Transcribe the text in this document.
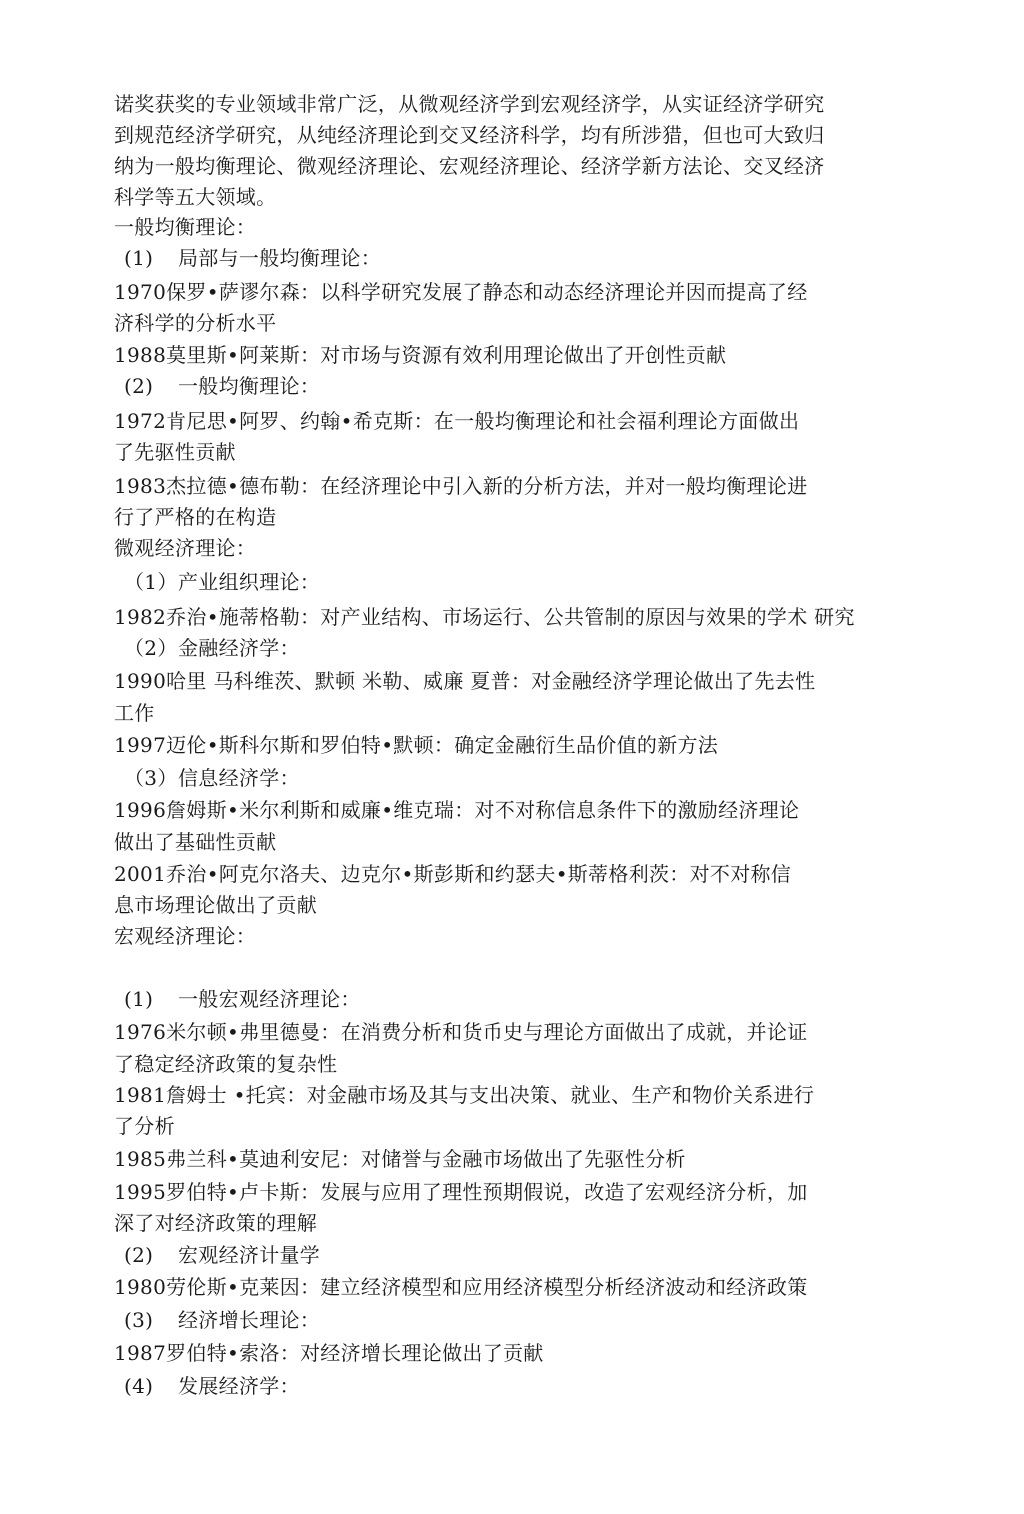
诺奖获奖的专业领域非常广泛，从微观经济学到宏观经济学，从实证经济学研究
到规范经济学研究，从纯经济理论到交叉经济科学，均有所涉猎，但也可大致归
纳为一般均衡理论、微观经济理论、宏观经济理论、经济学新方法论、交叉经济
科学等五大领域。
一般均衡理论：
(1) 局部与一般均衡理论：
1970保罗•萨谬尔森：以科学研究发展了静态和动态经济理论并因而提高了经
济科学的分析水平
1988莫里斯•阿莱斯：对市场与资源有效利用理论做出了开创性贡献
(2) 一般均衡理论：
1972肯尼思•阿罗、约翰•希克斯：在一般均衡理论和社会福利理论方面做出
了先驱性贡献
1983杰拉德•德布勒：在经济理论中引入新的分析方法，并对一般均衡理论进
行了严格的在构造
微观经济理论：
（1）产业组织理论：
1982乔治•施蒂格勒：对产业结构、市场运行、公共管制的原因与效果的学术 研究
（2）金融经济学：
1990哈里 马科维茨、默顿 米勒、威廉 夏普：对金融经济学理论做出了先去性
工作
1997迈伦•斯科尔斯和罗伯特•默顿：确定金融衍生品价值的新方法
（3）信息经济学：
1996詹姆斯•米尔利斯和威廉•维克瑞：对不对称信息条件下的激励经济理论
做出了基础性贡献
2001乔治•阿克尔洛夫、边克尔•斯彭斯和约瑟夫•斯蒂格利茨：对不对称信
息市场理论做出了贡献
宏观经济理论：
(1) 一般宏观经济理论：
1976米尔顿•弗里德曼：在消费分析和货币史与理论方面做出了成就，并论证
了稳定经济政策的复杂性
1981詹姆士 •托宾：对金融市场及其与支出决策、就业、生产和物价关系进行
了分析
1985弗兰科•莫迪利安尼：对储誉与金融市场做出了先驱性分析
1995罗伯特•卢卡斯：发展与应用了理性预期假说，改造了宏观经济分析，加
深了对经济政策的理解
(2) 宏观经济计量学
1980劳伦斯•克莱因：建立经济模型和应用经济模型分析经济波动和经济政策
(3) 经济增长理论：
1987罗伯特•索洛：对经济增长理论做出了贡献
(4) 发展经济学：
